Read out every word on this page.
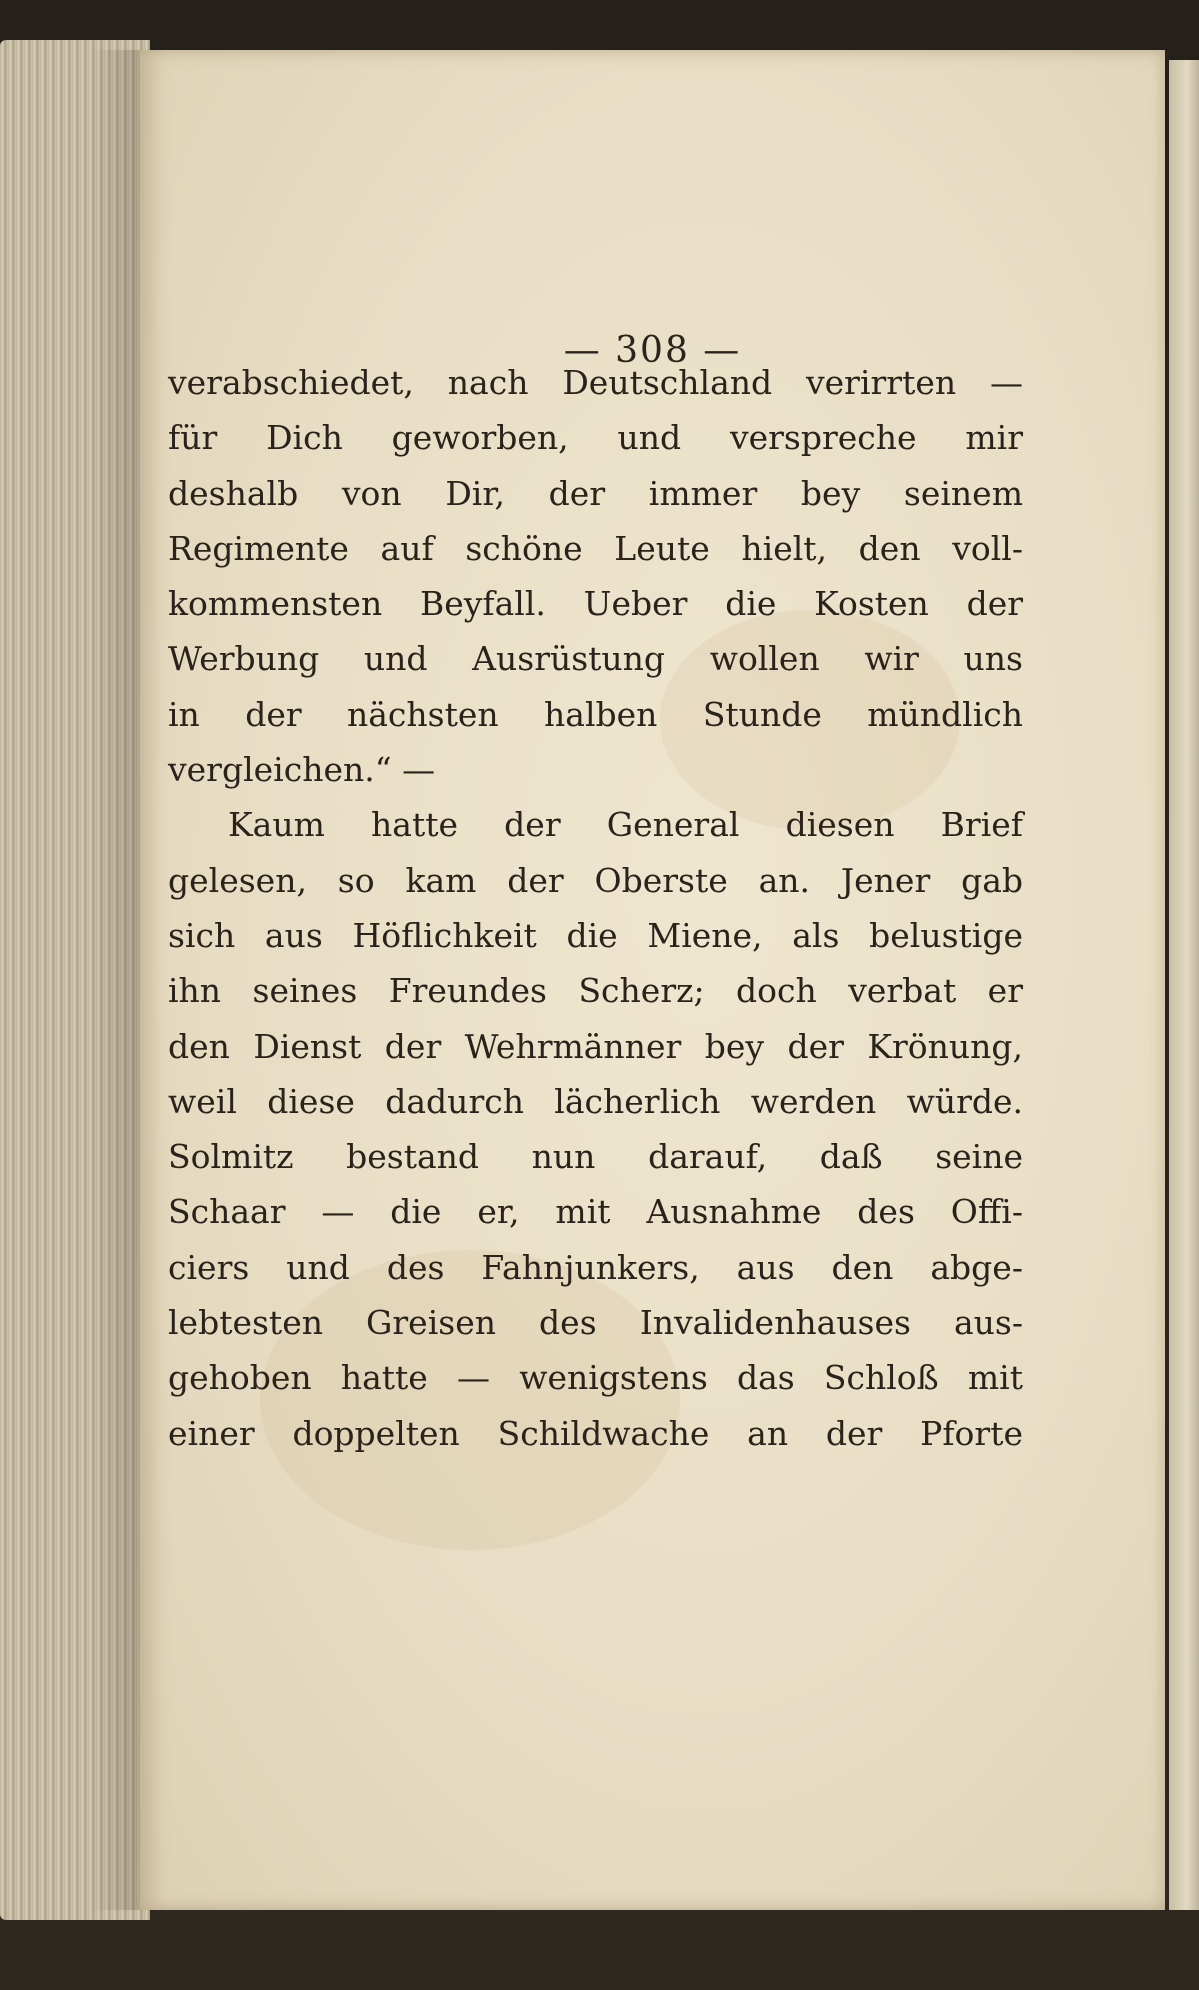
— 308 —
verabschiedet, nach Deutschland verirrten —
für Dich geworben, und verspreche mir
deshalb von Dir, der immer bey seinem
Regimente auf schöne Leute hielt, den voll-
kommensten Beyfall. Ueber die Kosten der
Werbung und Ausrüstung wollen wir uns
in der nächsten halben Stunde mündlich
vergleichen.“ —
Kaum hatte der General diesen Brief
gelesen, so kam der Oberste an. Jener gab
sich aus Höflichkeit die Miene, als belustige
ihn seines Freundes Scherz; doch verbat er
den Dienst der Wehrmänner bey der Krönung,
weil diese dadurch lächerlich werden würde.
Solmitz bestand nun darauf, daß seine
Schaar — die er, mit Ausnahme des Offi-
ciers und des Fahnjunkers, aus den abge-
lebtesten Greisen des Invalidenhauses aus-
gehoben hatte — wenigstens das Schloß mit
einer doppelten Schildwache an der Pforte
